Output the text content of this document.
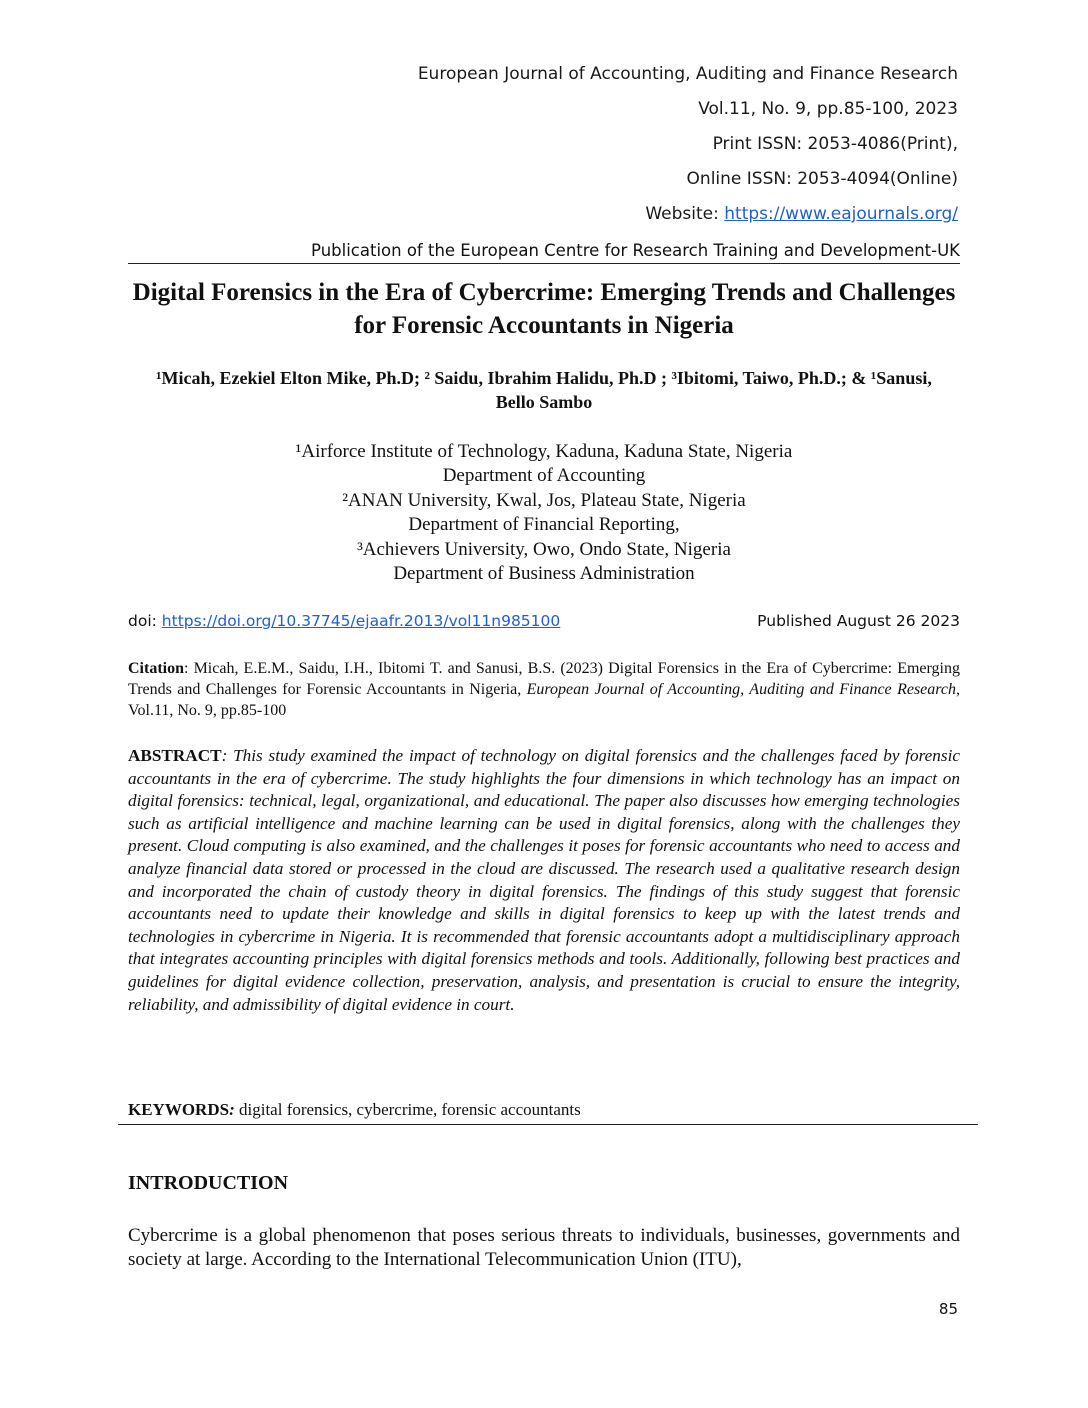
European Journal of Accounting, Auditing and Finance Research

Vol.11, No. 9, pp.85-100, 2023

Print ISSN: 2053-4086(Print),

Online ISSN: 2053-4094(Online)

Website: https://www.eajournals.org/

Publication of the European Centre for Research Training and Development-UK
Digital Forensics in the Era of Cybercrime: Emerging Trends and Challenges for Forensic Accountants in Nigeria

¹Micah, Ezekiel Elton Mike, Ph.D; ² Saidu, Ibrahim Halidu, Ph.D ; ³Ibitomi, Taiwo, Ph.D.; & ¹Sanusi, Bello Sambo

¹Airforce Institute of Technology, Kaduna, Kaduna State, Nigeria
Department of Accounting
²ANAN University, Kwal, Jos, Plateau State, Nigeria
Department of Financial Reporting,
³Achievers University, Owo, Ondo State, Nigeria
Department of Business Administration
doi: https://doi.org/10.37745/ejaafr.2013/vol11n985100	Published August 26 2023

Citation: Micah, E.E.M., Saidu, I.H., Ibitomi T. and Sanusi, B.S. (2023) Digital Forensics in the Era of Cybercrime: Emerging Trends and Challenges for Forensic Accountants in Nigeria, European Journal of Accounting, Auditing and Finance Research, Vol.11, No. 9, pp.85-100

ABSTRACT: This study examined the impact of technology on digital forensics and the challenges faced by forensic accountants in the era of cybercrime. The study highlights the four dimensions in which technology has an impact on digital forensics: technical, legal, organizational, and educational. The paper also discusses how emerging technologies such as artificial intelligence and machine learning can be used in digital forensics, along with the challenges they present. Cloud computing is also examined, and the challenges it poses for forensic accountants who need to access and analyze financial data stored or processed in the cloud are discussed. The research used a qualitative research design and incorporated the chain of custody theory in digital forensics. The findings of this study suggest that forensic accountants need to update their knowledge and skills in digital forensics to keep up with the latest trends and technologies in cybercrime in Nigeria. It is recommended that forensic accountants adopt a multidisciplinary approach that integrates accounting principles with digital forensics methods and tools. Additionally, following best practices and guidelines for digital evidence collection, preservation, analysis, and presentation is crucial to ensure the integrity, reliability, and admissibility of digital evidence in court.

KEYWORDS: digital forensics, cybercrime, forensic accountants
INTRODUCTION

Cybercrime is a global phenomenon that poses serious threats to individuals, businesses, governments and society at large. According to the International Telecommunication Union (ITU),

85
